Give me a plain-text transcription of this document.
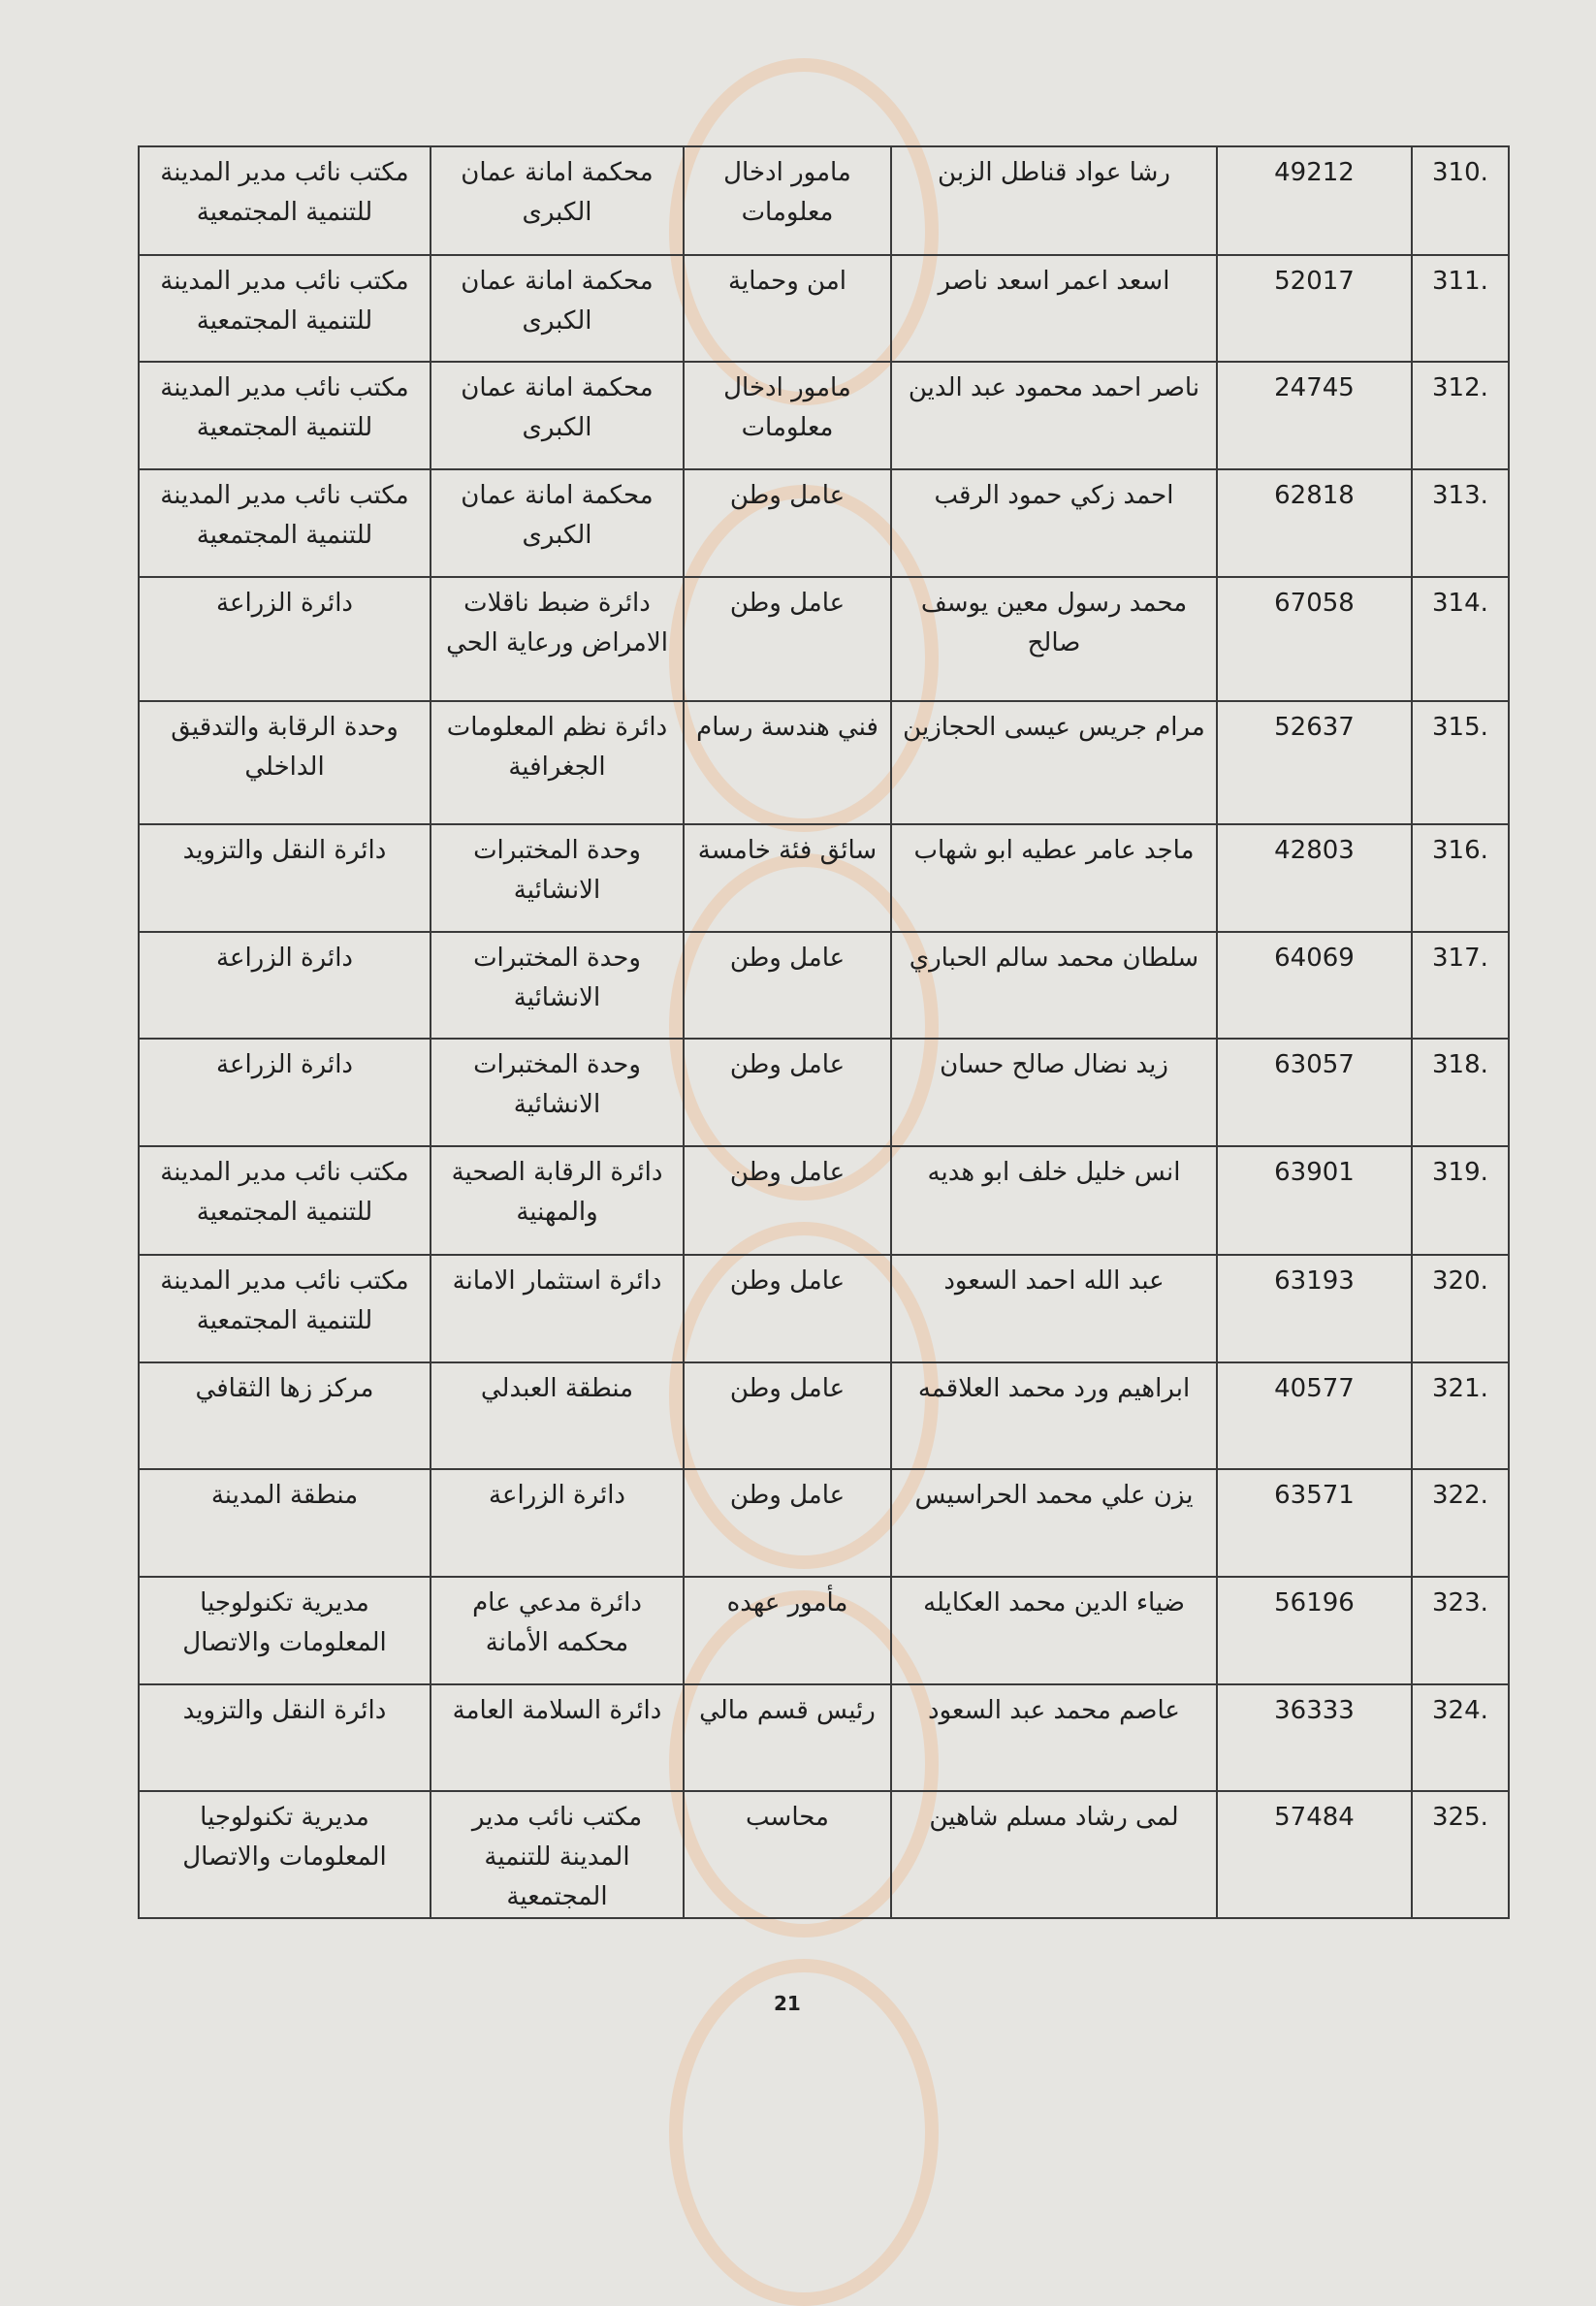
.310	49212	رشا عواد قناطل الزبن	مامور ادخال معلومات	محكمة امانة عمان الكبرى	مكتب نائب مدير المدينة للتنمية المجتمعية
.311	52017	اسعد اعمر اسعد ناصر	امن وحماية	محكمة امانة عمان الكبرى	مكتب نائب مدير المدينة للتنمية المجتمعية
.312	24745	ناصر احمد محمود عبد الدين	مامور ادخال معلومات	محكمة امانة عمان الكبرى	مكتب نائب مدير المدينة للتنمية المجتمعية
.313	62818	احمد زكي حمود الرقب	عامل وطن	محكمة امانة عمان الكبرى	مكتب نائب مدير المدينة للتنمية المجتمعية
.314	67058	محمد رسول معين يوسف صالح	عامل وطن	دائرة ضبط ناقلات الامراض ورعاية الحي	دائرة الزراعة
.315	52637	مرام جريس عيسى الحجازين	فني هندسة رسام	دائرة نظم المعلومات الجغرافية	وحدة الرقابة والتدقيق الداخلي
.316	42803	ماجد عامر عطيه ابو شهاب	سائق فئة خامسة	وحدة المختبرات الانشائية	دائرة النقل والتزويد
.317	64069	سلطان محمد سالم الحباري	عامل وطن	وحدة المختبرات الانشائية	دائرة الزراعة
.318	63057	زيد نضال صالح حسان	عامل وطن	وحدة المختبرات الانشائية	دائرة الزراعة
.319	63901	انس خليل خلف ابو هديه	عامل وطن	دائرة الرقابة الصحية والمهنية	مكتب نائب مدير المدينة للتنمية المجتمعية
.320	63193	عبد الله احمد السعود	عامل وطن	دائرة استثمار الامانة	مكتب نائب مدير المدينة للتنمية المجتمعية
.321	40577	ابراهيم ورد محمد العلاقمه	عامل وطن	منطقة العبدلي	مركز زها الثقافي
.322	63571	يزن علي محمد الحراسيس	عامل وطن	دائرة الزراعة	منطقة المدينة
.323	56196	ضياء الدين محمد العكايله	مأمور عهده	دائرة مدعي عام محكمه الأمانة	مديرية تكنولوجيا المعلومات والاتصال
.324	36333	عاصم محمد عبد السعود	رئيس قسم مالي	دائرة السلامة العامة	دائرة النقل والتزويد
.325	57484	لمى رشاد مسلم شاهين	محاسب	مكتب نائب مدير المدينة للتنمية المجتمعية	مديرية تكنولوجيا المعلومات والاتصال
21
